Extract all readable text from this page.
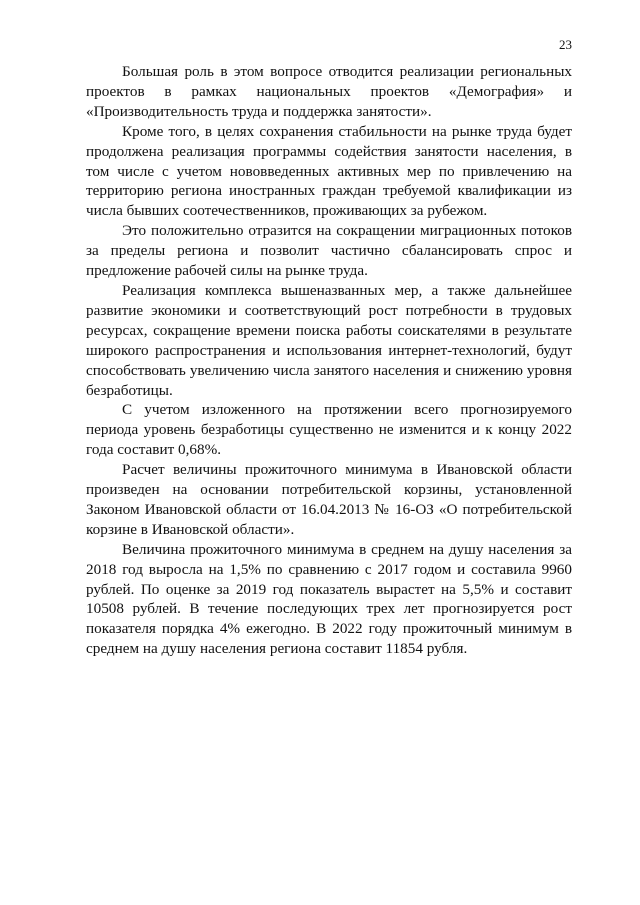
23

Большая роль в этом вопросе отводится реализации региональных проектов в рамках национальных проектов «Демография» и «Производительность труда и поддержка занятости».

Кроме того, в целях сохранения стабильности на рынке труда будет продолжена реализация программы содействия занятости населения, в том числе с учетом нововведенных активных мер по привлечению на территорию региона иностранных граждан требуемой квалификации из числа бывших соотечественников, проживающих за рубежом.

Это положительно отразится на сокращении миграционных потоков за пределы региона и позволит частично сбалансировать спрос и предложение рабочей силы на рынке труда.

Реализация комплекса вышеназванных мер, а также дальнейшее развитие экономики и соответствующий рост потребности в трудовых ресурсах, сокращение времени поиска работы соискателями в результате широкого распространения и использования интернет-технологий, будут способствовать увеличению числа занятого населения и снижению уровня безработицы.

С учетом изложенного на протяжении всего прогнозируемого периода уровень безработицы существенно не изменится и к концу 2022 года составит 0,68%.

Расчет величины прожиточного минимума в Ивановской области произведен на основании потребительской корзины, установленной Законом Ивановской области от 16.04.2013 № 16-ОЗ «О потребительской корзине в Ивановской области».

Величина прожиточного минимума в среднем на душу населения за 2018 год выросла на 1,5% по сравнению с 2017 годом и составила 9960 рублей. По оценке за 2019 год показатель вырастет на 5,5% и составит 10508 рублей. В течение последующих трех лет прогнозируется рост показателя порядка 4% ежегодно. В 2022 году прожиточный минимум в среднем на душу населения региона составит 11854 рубля.
